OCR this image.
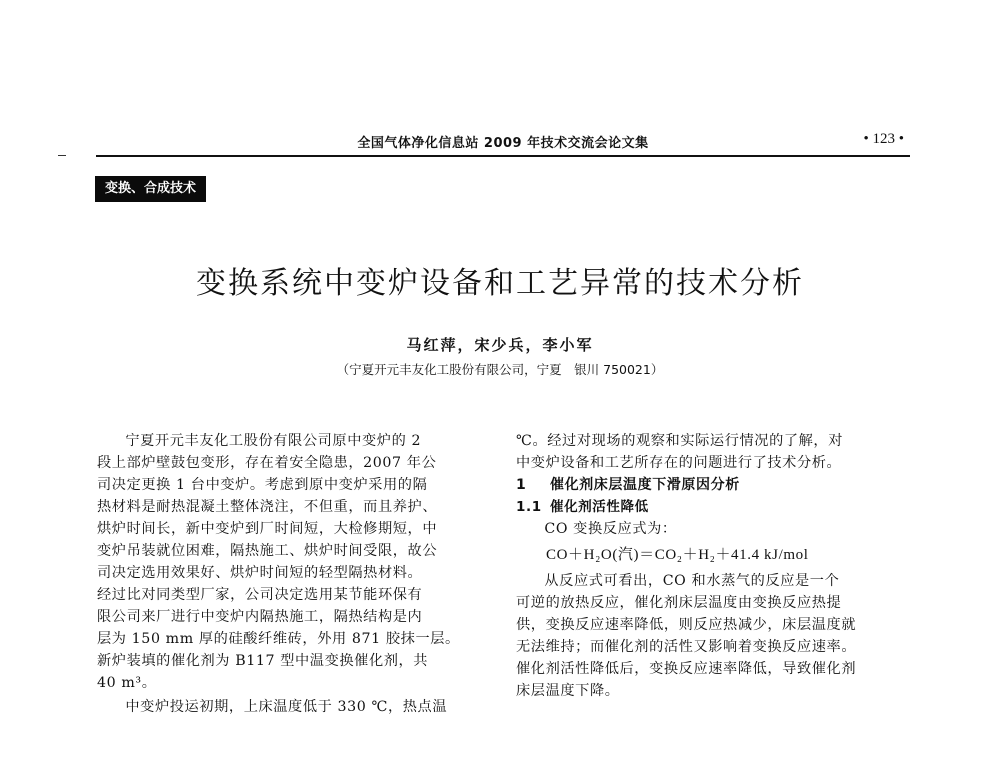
全国气体净化信息站 2009 年技术交流会论文集	• 123 •
变换、合成技术
变换系统中变炉设备和工艺异常的技术分析
马红萍，宋少兵，李小军
（宁夏开元丰友化工股份有限公司，宁夏　银川 750021）
宁夏开元丰友化工股份有限公司原中变炉的 2
段上部炉壁鼓包变形，存在着安全隐患，2007 年公
司决定更换 1 台中变炉。考虑到原中变炉采用的隔
热材料是耐热混凝土整体浇注，不但重，而且养护、
烘炉时间长，新中变炉到厂时间短，大检修期短，中
变炉吊装就位困难，隔热施工、烘炉时间受限，故公
司决定选用效果好、烘炉时间短的轻型隔热材料。
经过比对同类型厂家，公司决定选用某节能环保有
限公司来厂进行中变炉内隔热施工，隔热结构是内
层为 150 mm 厚的硅酸纤维砖，外用 871 胶抹一层。
新炉装填的催化剂为 B117 型中温变换催化剂，共
40 m³。
中变炉投运初期，上床温度低于 330 ℃，热点温
℃。经过对现场的观察和实际运行情况的了解，对
中变炉设备和工艺所存在的问题进行了技术分析。
1 催化剂床层温度下滑原因分析
1.1 催化剂活性降低
CO 变换反应式为：
CO＋H₂O(汽)＝CO₂＋H₂＋41.4 kJ/mol
从反应式可看出，CO 和水蒸气的反应是一个
可逆的放热反应，催化剂床层温度由变换反应热提
供，变换反应速率降低，则反应热减少，床层温度就
无法维持；而催化剂的活性又影响着变换反应速率。
催化剂活性降低后，变换反应速率降低，导致催化剂
床层温度下降。
